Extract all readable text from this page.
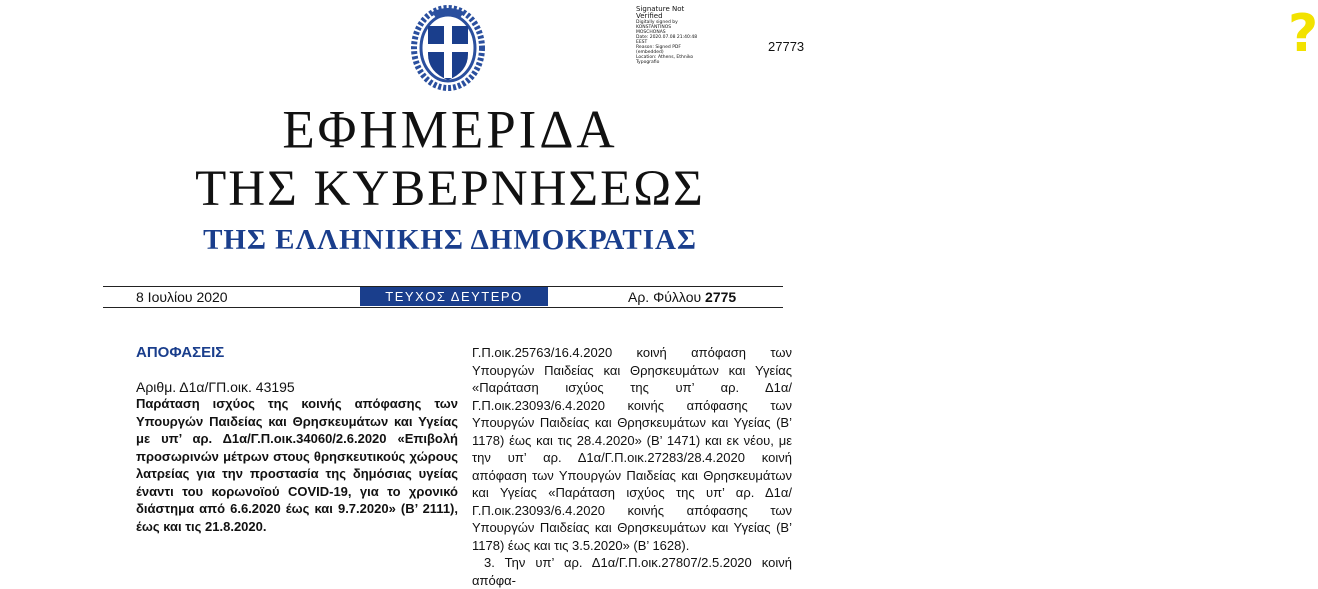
?
Signature Not Verified
Digitally signed by
KONSTANTINOS
MOSCHONAS
Date: 2020.07.08 21:40:48
EEST
Reason: Signed PDF
(embedded)
Location: Athens, Ethniko
Typografio
27773
ΕΦΗΜΕΡΙΔΑ
ΤΗΣ ΚΥΒΕΡΝΗΣΕΩΣ
ΤΗΣ ΕΛΛΗΝΙΚΗΣ ΔΗΜΟΚΡΑΤΙΑΣ
8 Ιουλίου 2020	ΤΕΥΧΟΣ ΔΕΥΤΕΡΟ	Αρ. Φύλλου 2775
ΑΠΟΦΑΣΕΙΣ
Αριθμ. Δ1α/ΓΠ.οικ. 43195
Παράταση ισχύος της κοινής απόφασης των Υπουργών Παιδείας και Θρησκευμάτων και Υγείας με υπ’ αρ. Δ1α/Γ.Π.οικ.34060/2.6.2020 «Επιβολή προσωρινών μέτρων στους θρησκευτικούς χώρους λατρείας για την προστασία της δημόσιας υγείας έναντι του κορωνοϊού COVID-19, για το χρονικό διάστημα από 6.6.2020 έως και 9.7.2020» (Β’ 2111), έως και τις 21.8.2020.

Γ.Π.οικ.25763/16.4.2020 κοινή απόφαση των Υπουργών Παιδείας και Θρησκευμάτων και Υγείας «Παράταση ισχύος της υπ’ αρ. Δ1α/Γ.Π.οικ.23093/6.4.2020 κοινής απόφασης των Υπουργών Παιδείας και Θρησκευμάτων και Υγείας (Β’ 1178) έως και τις 28.4.2020» (Β’ 1471) και εκ νέου, με την υπ’ αρ. Δ1α/Γ.Π.οικ.27283/28.4.2020 κοινή απόφαση των Υπουργών Παιδείας και Θρησκευμάτων και Υγείας «Παράταση ισχύος της υπ’ αρ. Δ1α/Γ.Π.οικ.23093/6.4.2020 κοινής απόφασης των Υπουργών Παιδείας και Θρησκευμάτων και Υγείας (Β’ 1178) έως και τις 3.5.2020» (Β’ 1628).

3. Την υπ’ αρ. Δ1α/Γ.Π.οικ.27807/2.5.2020 κοινή απόφα-
